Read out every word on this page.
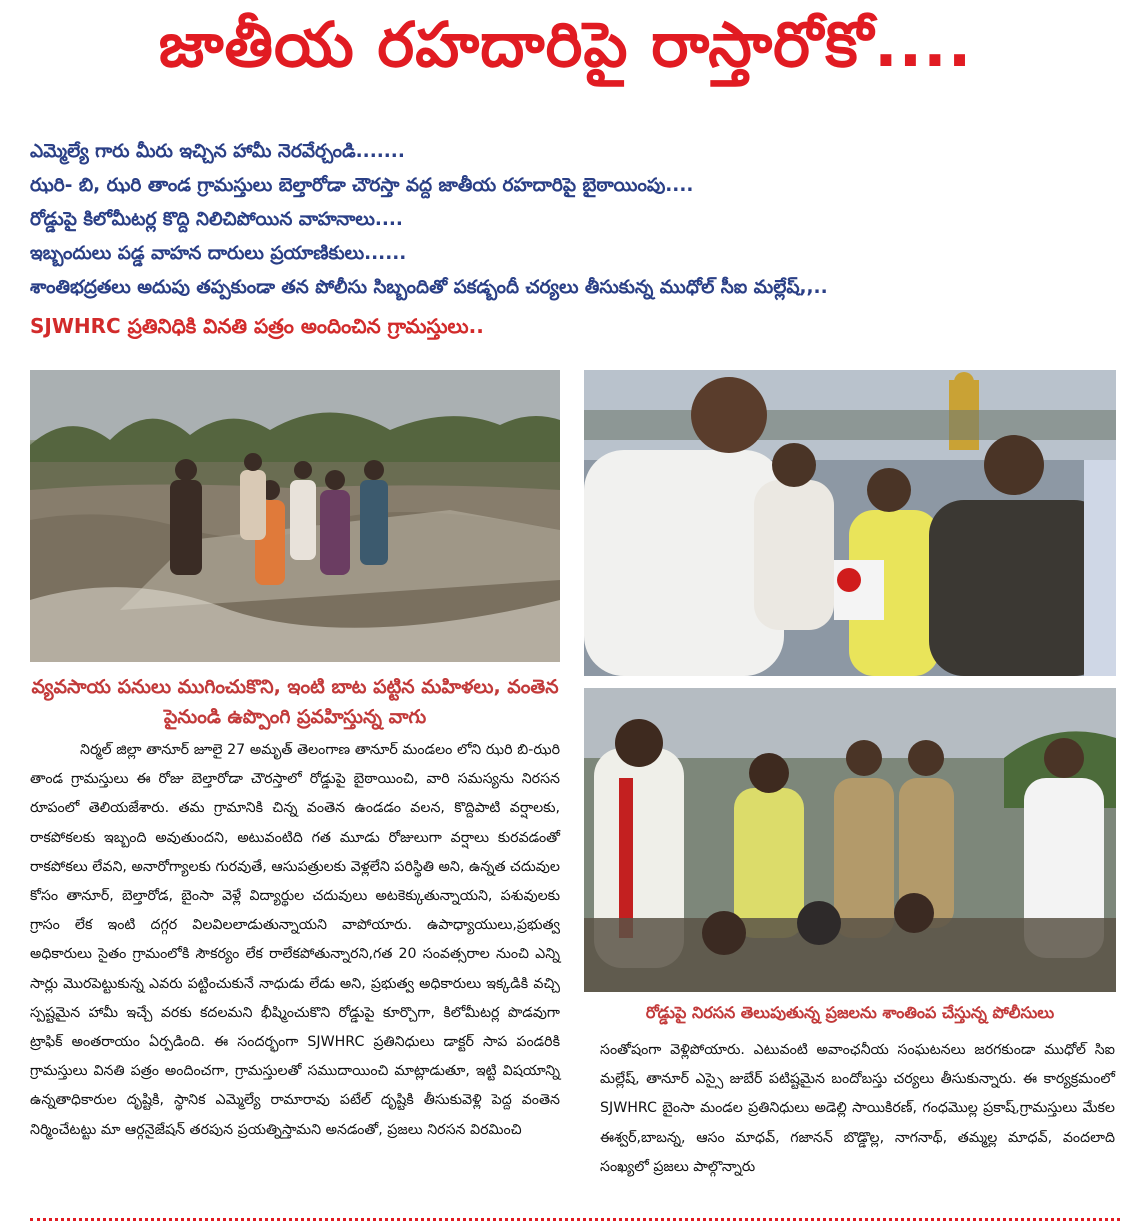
జాతీయ రహదారిపై రాస్తారోకో....
ఎమ్మెల్యే గారు మీరు ఇచ్చిన హామీ నెరవేర్చండి.......
ఝరి- బి, ఝరి తాండ గ్రామస్తులు బెల్తారోడా చౌరస్తా వద్ద జాతీయ రహదారిపై బైఠాయింపు....
రోడ్డుపై కిలోమీటర్ల కొద్ది నిలిచిపోయిన వాహనాలు....
ఇబ్బందులు పడ్డ వాహన దారులు ప్రయాణికులు......
శాంతిభద్రతలు అదుపు తప్పకుండా తన పోలీసు సిబ్బందితో పకడ్బందీ చర్యలు తీసుకున్న ముధోల్ సీఐ మల్లేష్,,..
SJWHRC ప్రతినిధికి వినతి పత్రం అందించిన గ్రామస్తులు..
వ్యవసాయ పనులు ముగించుకొని, ఇంటి బాట పట్టిన మహిళలు, వంతెన పైనుండి ఉప్పొంగి ప్రవహిస్తున్న వాగు
రోడ్డుపై నిరసన తెలుపుతున్న ప్రజలను శాంతింప చేస్తున్న పోలీసులు
నిర్మల్ జిల్లా తానూర్ జూలై 27 అమృత్ తెలంగాణ తానూర్ మండలం లోని ఝరి బి-ఝరి తాండ గ్రామస్తులు ఈ రోజు బెల్తారోడా చౌరస్తాలో రోడ్డుపై బైఠాయించి, వారి సమస్యను నిరసన రూపంలో తెలియజేశారు. తమ గ్రామానికి చిన్న వంతెన ఉండడం వలన, కొద్దిపాటి వర్షాలకు, రాకపోకలకు ఇబ్బంది అవుతుందని, అటువంటిది గత మూడు రోజులుగా వర్షాలు కురవడంతో రాకపోకలు లేవని, అనారోగ్యాలకు గురవుతే, ఆసుపత్రులకు వెళ్లలేని పరిస్థితి అని, ఉన్నత చదువుల కోసం తానూర్, బెల్తారోడ, బైంసా వెళ్లే విద్యార్థుల చదువులు అటకెక్కుతున్నాయని, పశువులకు గ్రాసం లేక ఇంటి దగ్గర విలవిలలాడుతున్నాయని వాపోయారు. ఉపాధ్యాయులు,ప్రభుత్వ అధికారులు సైతం గ్రామంలోకి సౌకర్యం లేక రాలేకపోతున్నారని,గత 20 సంవత్సరాల నుంచి ఎన్ని సార్లు మొరపెట్టుకున్న ఎవరు పట్టించుకునే నాధుడు లేడు అని, ప్రభుత్వ అధికారులు ఇక్కడికి వచ్చి స్పష్టమైన హామీ ఇచ్చే వరకు కదలమని భీష్మించుకొని రోడ్డుపై కూర్చొగా, కిలోమీటర్ల పొడవుగా ట్రాఫిక్ అంతరాయం ఏర్పడింది. ఈ సందర్భంగా SJWHRC ప్రతినిధులు డాక్టర్ సాప పండరికి గ్రామస్తులు వినతి పత్రం అందించగా, గ్రామస్తులతో సముదాయించి మాట్లాడుతూ, ఇట్టి విషయాన్ని ఉన్నతాధికారుల దృష్టికి, స్థానిక ఎమ్మెల్యే రామారావు పటేల్ దృష్టికి తీసుకువెళ్లి పెద్ద వంతెన నిర్మించేటట్టు మా ఆర్గనైజేషన్ తరపున ప్రయత్నిస్తామని అనడంతో, ప్రజలు నిరసన విరమించి
సంతోషంగా వెళ్లిపోయారు. ఎటువంటి అవాంఛనీయ సంఘటనలు జరగకుండా ముధోల్ సిఐ మల్లేష్, తానూర్ ఎస్సై జుబేర్ పటిష్టమైన బందోబస్తు చర్యలు తీసుకున్నారు. ఈ కార్యక్రమంలో SJWHRC బైంసా మండల ప్రతినిధులు అడెల్లి సాయికిరణ్, గంధమొల్ల ప్రకాష్,గ్రామస్తులు మేకల ఈశ్వర్,బాబన్న, ఆసం మాధవ్, గజానన్ బొడ్డొల్ల, నాగనాథ్, తమ్మల్ల మాధవ్, వందలాది సంఖ్యలో ప్రజలు పాల్గొన్నారు
